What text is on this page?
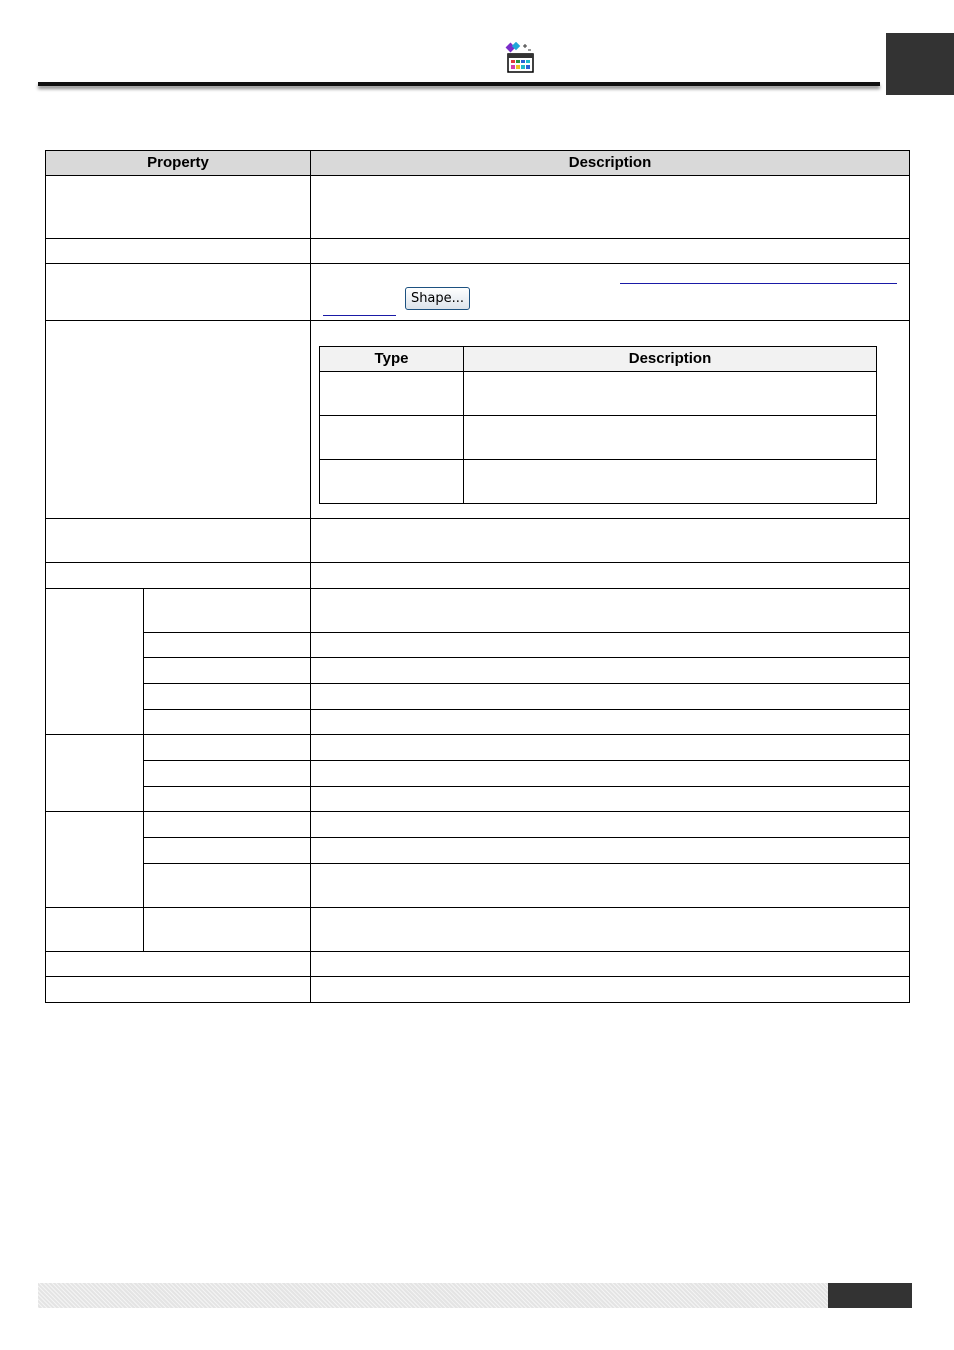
Property		Description

Shape...
Type	Description
